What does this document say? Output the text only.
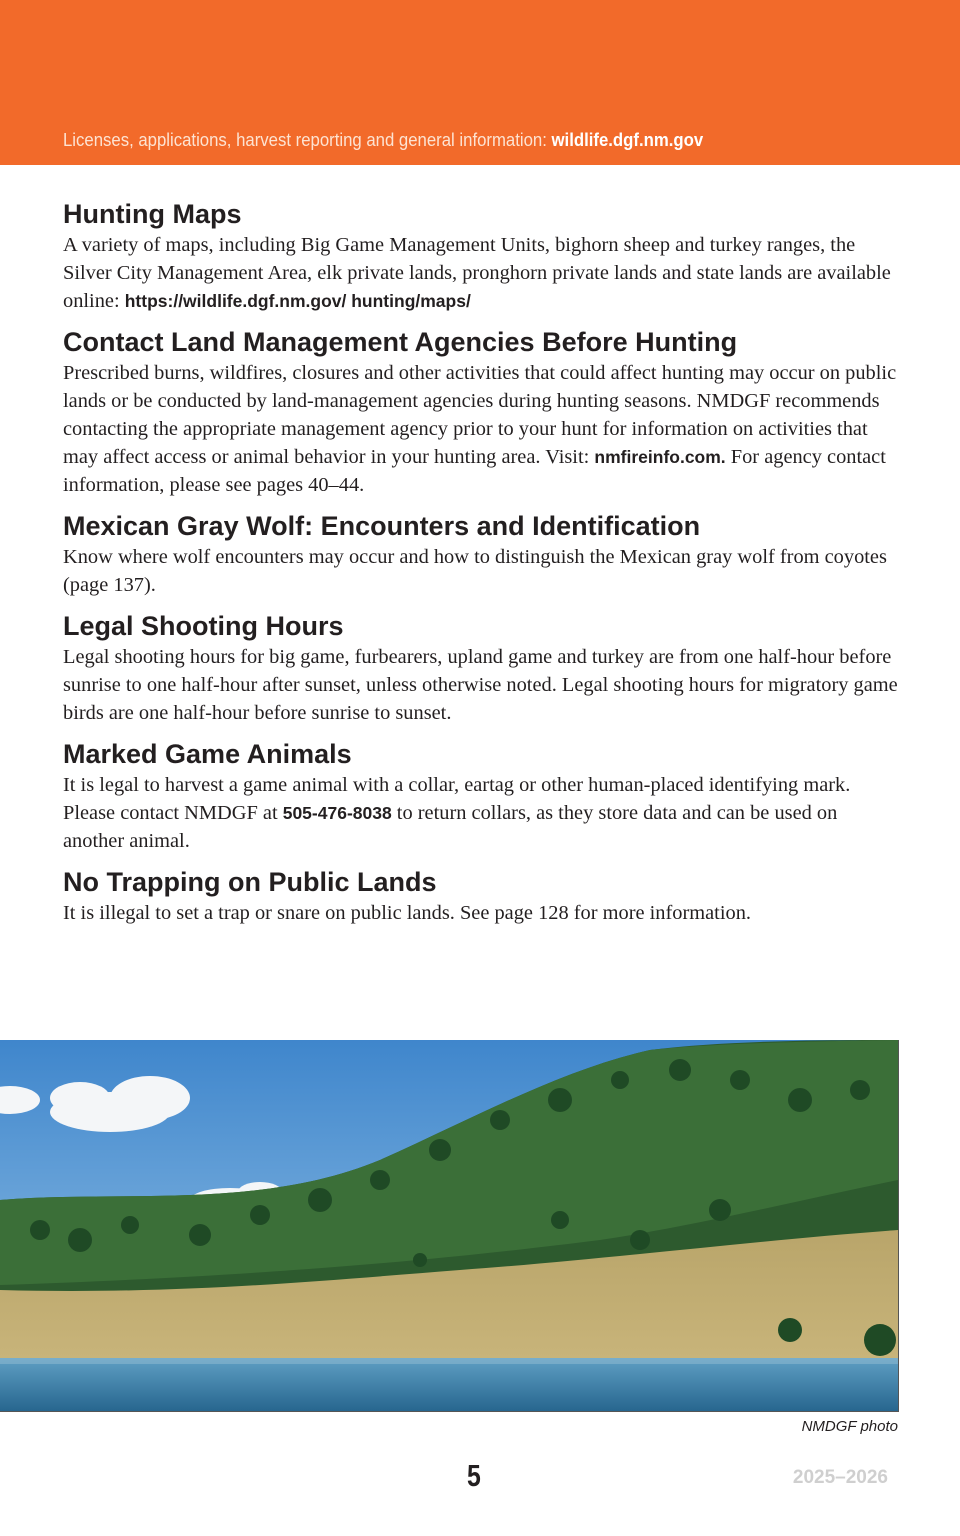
Licenses, applications, harvest reporting and general information: wildlife.dgf.nm.gov
Hunting Maps

A variety of maps, including Big Game Management Units, bighorn sheep and turkey ranges, the Silver City Management Area, elk private lands, pronghorn private lands and state lands are available online: https://wildlife.dgf.nm.gov/ hunting/maps/

Contact Land Management Agencies Before Hunting

Prescribed burns, wildfires, closures and other activities that could affect hunting may occur on public lands or be conducted by land-management agencies during hunting seasons. NMDGF recommends contacting the appropriate management agency prior to your hunt for information on activities that may affect access or animal behavior in your hunting area. Visit: nmfireinfo.com. For agency contact information, please see pages 40–44.

Mexican Gray Wolf: Encounters and Identification

Know where wolf encounters may occur and how to distinguish the Mexican gray wolf from coyotes (page 137).

Legal Shooting Hours

Legal shooting hours for big game, furbearers, upland game and turkey are from one half-hour before sunrise to one half-hour after sunset, unless otherwise noted. Legal shooting hours for migratory game birds are one half-hour before sunrise to sunset.

Marked Game Animals

It is legal to harvest a game animal with a collar, eartag or other human-placed identifying mark. Please contact NMDGF at 505-476-8038 to return collars, as they store data and can be used on another animal.

No Trapping on Public Lands

It is illegal to set a trap or snare on public lands. See page 128 for more information.

NMDGF photo
5	2025–2026
